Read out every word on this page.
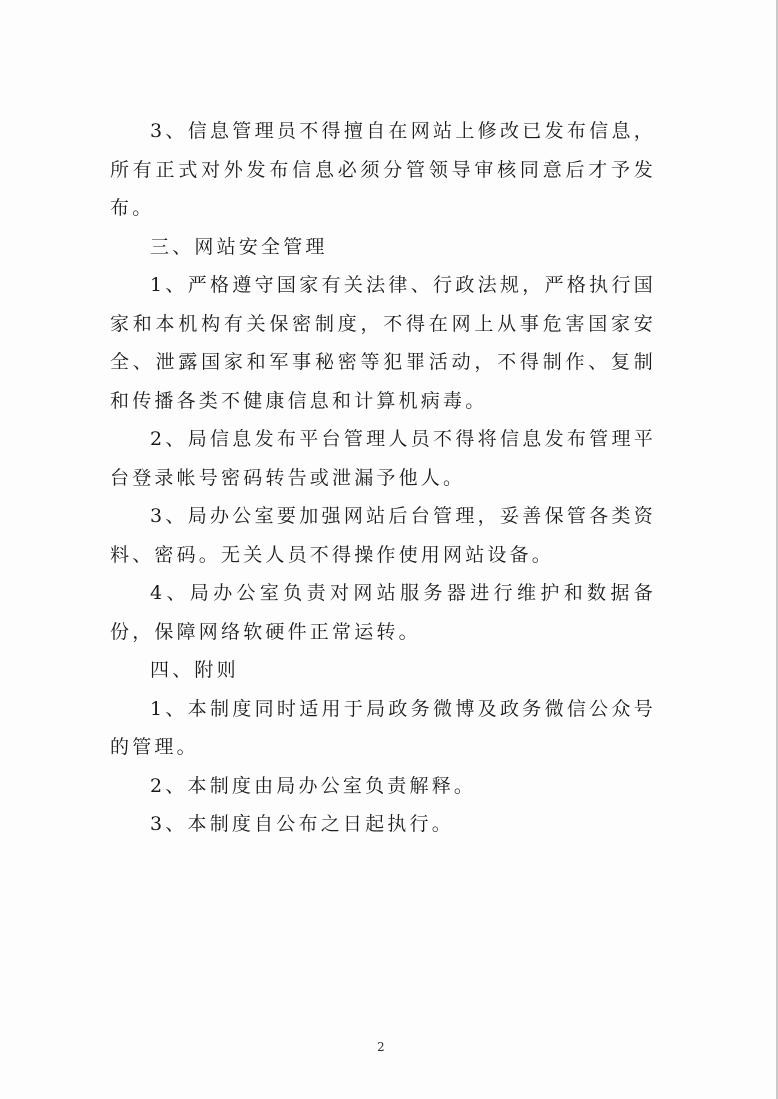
3、信息管理员不得擅自在网站上修改已发布信息，所有正式对外发布信息必须分管领导审核同意后才予发布。

三、网站安全管理

1、严格遵守国家有关法律、行政法规，严格执行国家和本机构有关保密制度，不得在网上从事危害国家安全、泄露国家和军事秘密等犯罪活动，不得制作、复制和传播各类不健康信息和计算机病毒。

2、局信息发布平台管理人员不得将信息发布管理平台登录帐号密码转告或泄漏予他人。

3、局办公室要加强网站后台管理，妥善保管各类资料、密码。无关人员不得操作使用网站设备。

4、局办公室负责对网站服务器进行维护和数据备份，保障网络软硬件正常运转。

四、附则

1、本制度同时适用于局政务微博及政务微信公众号的管理。

2、本制度由局办公室负责解释。

3、本制度自公布之日起执行。

2
